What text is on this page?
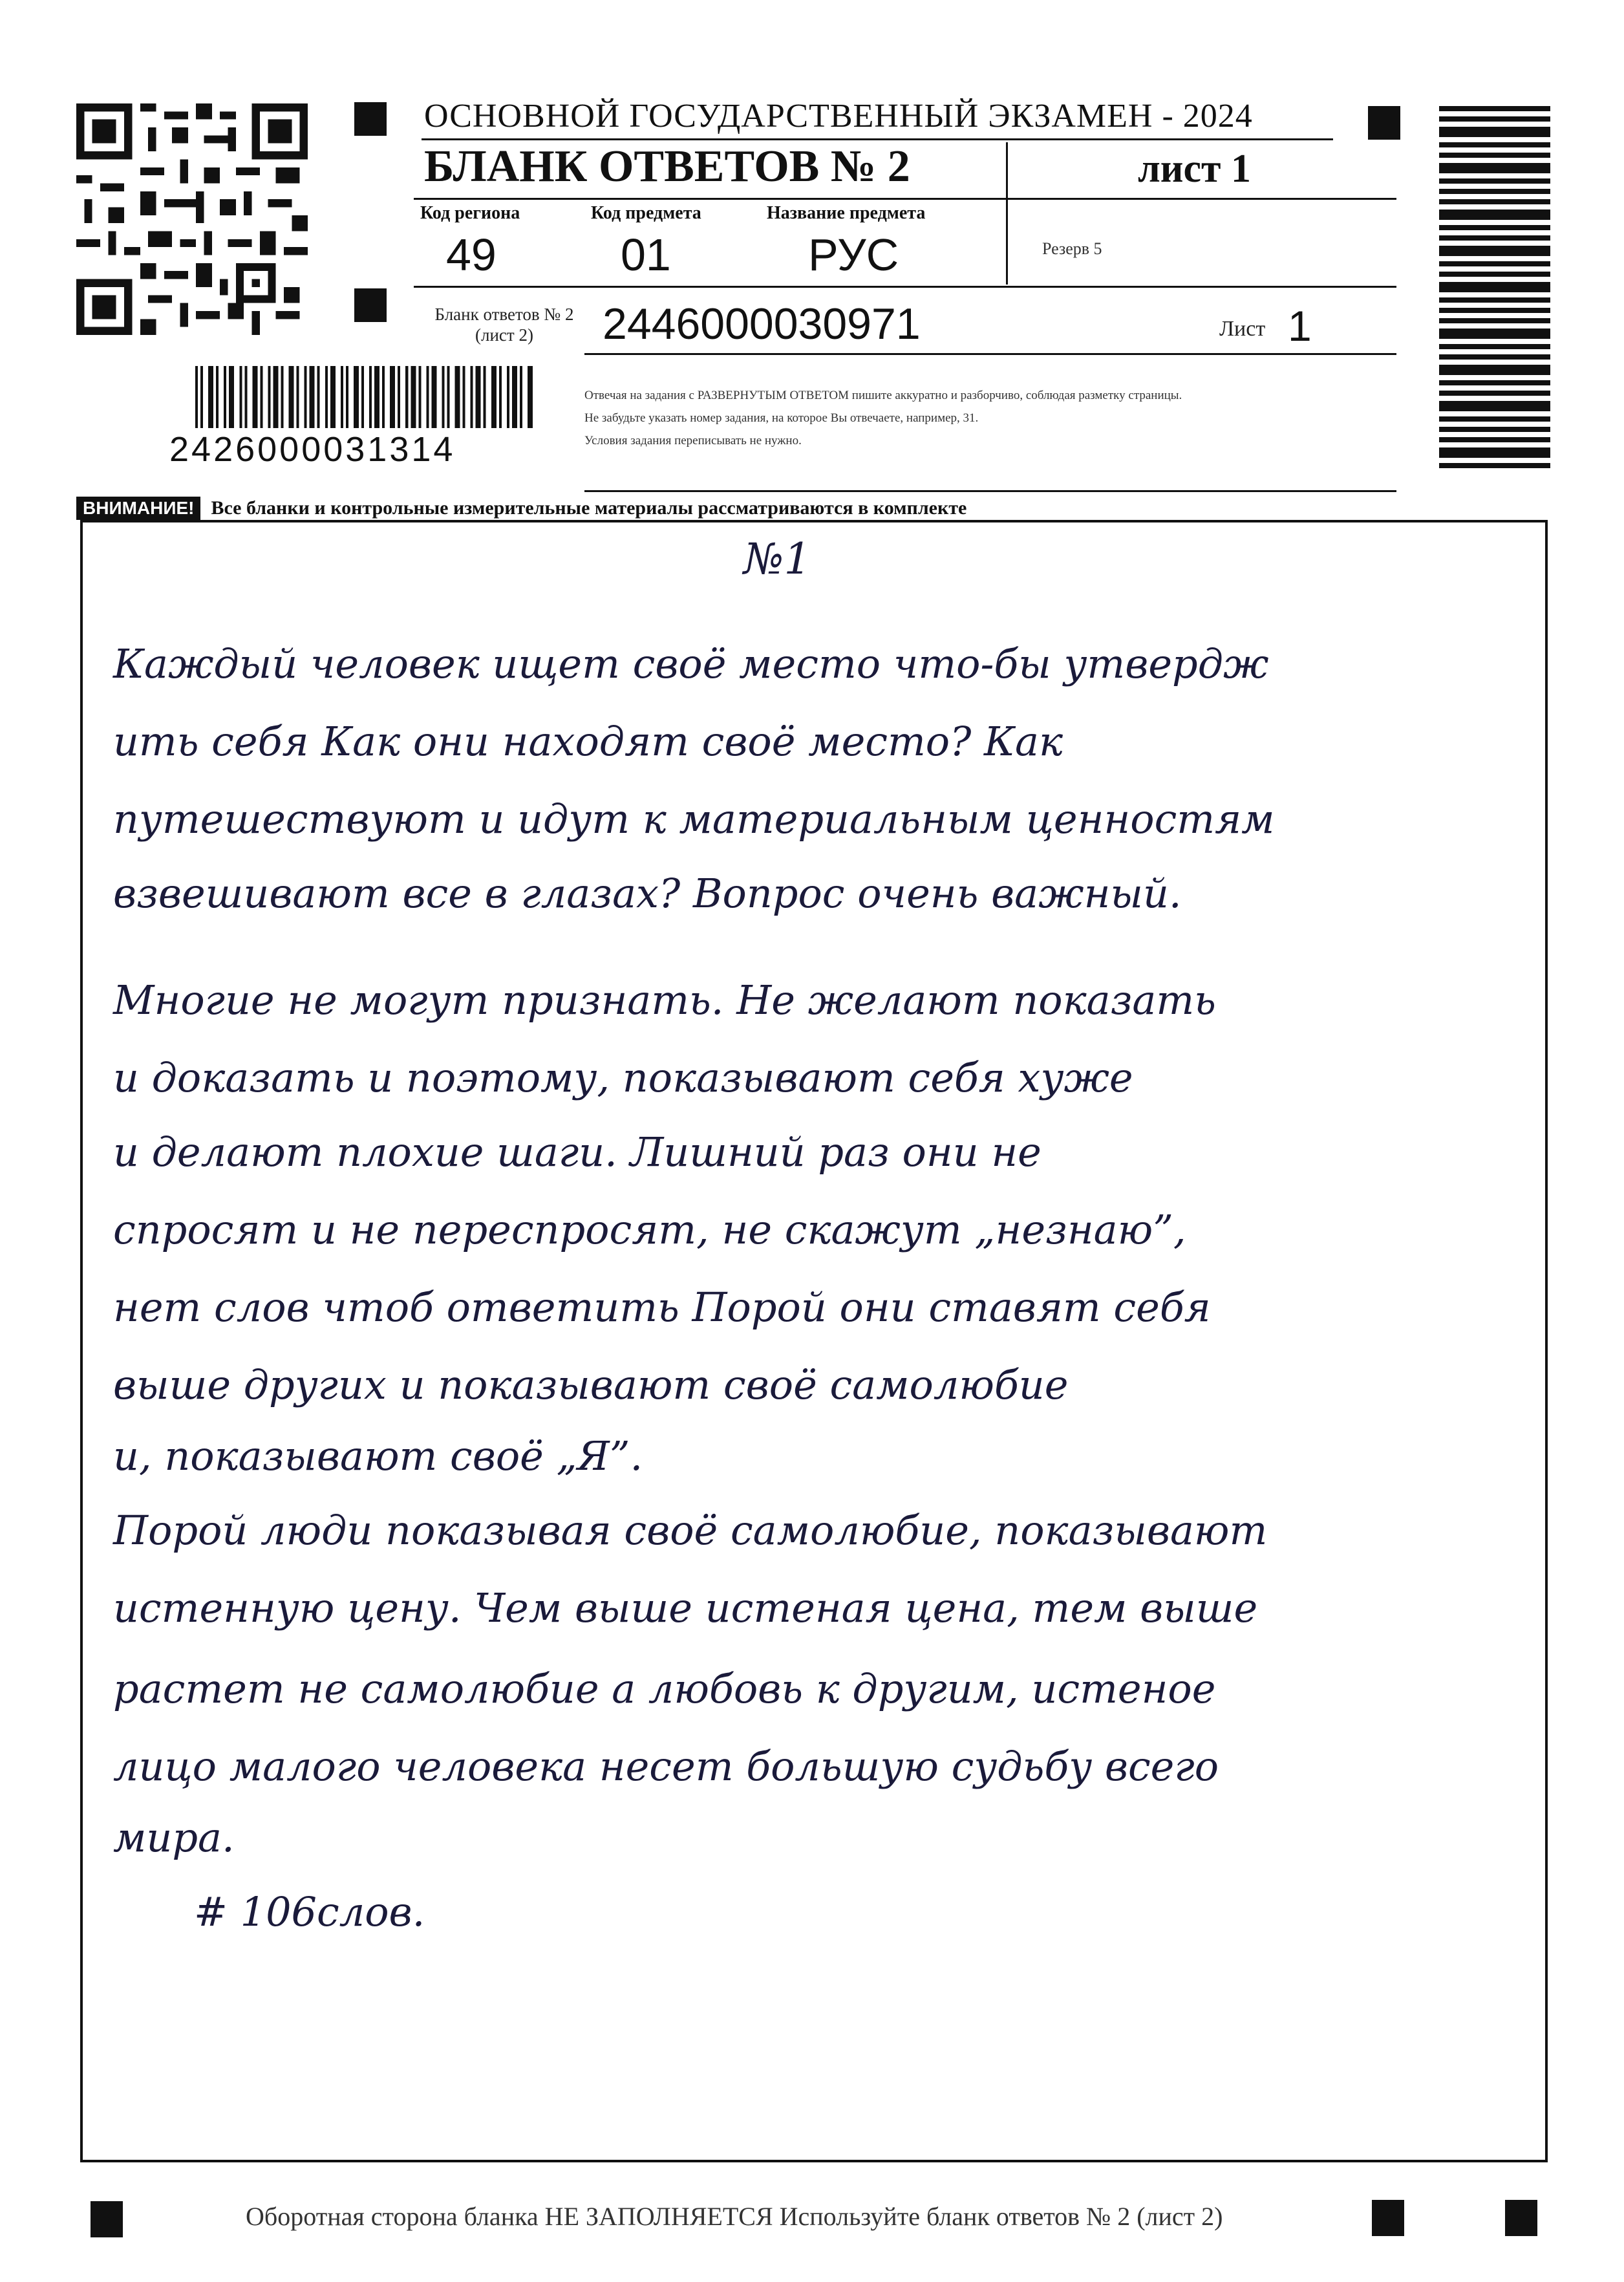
ОСНОВНОЙ ГОСУДАРСТВЕННЫЙ ЭКЗАМЕН - 2024
БЛАНК ОТВЕТОВ № 2	лист 1
Код региона
49
Код предмета
01
Название предмета
РУС	Резерв 5
Бланк ответов № 2 (лист 2)	2446000030971	Лист 1
Отвечая на задания с РАЗВЕРНУТЫМ ОТВЕТОМ пишите аккуратно и разборчиво, соблюдая разметку страницы.
Не забудьте указать номер задания, на которое Вы отвечаете, например, 31.
Условия задания переписывать не нужно.
2426000031314
ВНИМАНИЕ! Все бланки и контрольные измерительные материалы рассматриваются в комплекте
№1
Каждый человек ищет своё место что-бы утвердж
ить себя Как они находят своё место? Как
путешествуют и идут к материальным ценностям
взвешивают все в глазах? Вопрос очень важный.
Многие не могут признать. Не желают показать
и доказать и поэтому, показывают себя хуже
и делают плохие шаги. Лишний раз они не
спросят и не переспросят, не скажут „незнаю”,
нет слов чтоб ответить Порой они ставят себя
выше других и показывают своё самолюбие
и, показывают своё „Я”.
Порой люди показывая своё самолюбие, показывают
истенную цену. Чем выше истеная цена, тем выше
растет не самолюбие а любовь к другим, истеное
лицо малого человека несет большую судьбу всего
мира.
# 106слов.
Оборотная сторона бланка НЕ ЗАПОЛНЯЕТСЯ Используйте бланк ответов № 2 (лист 2)
